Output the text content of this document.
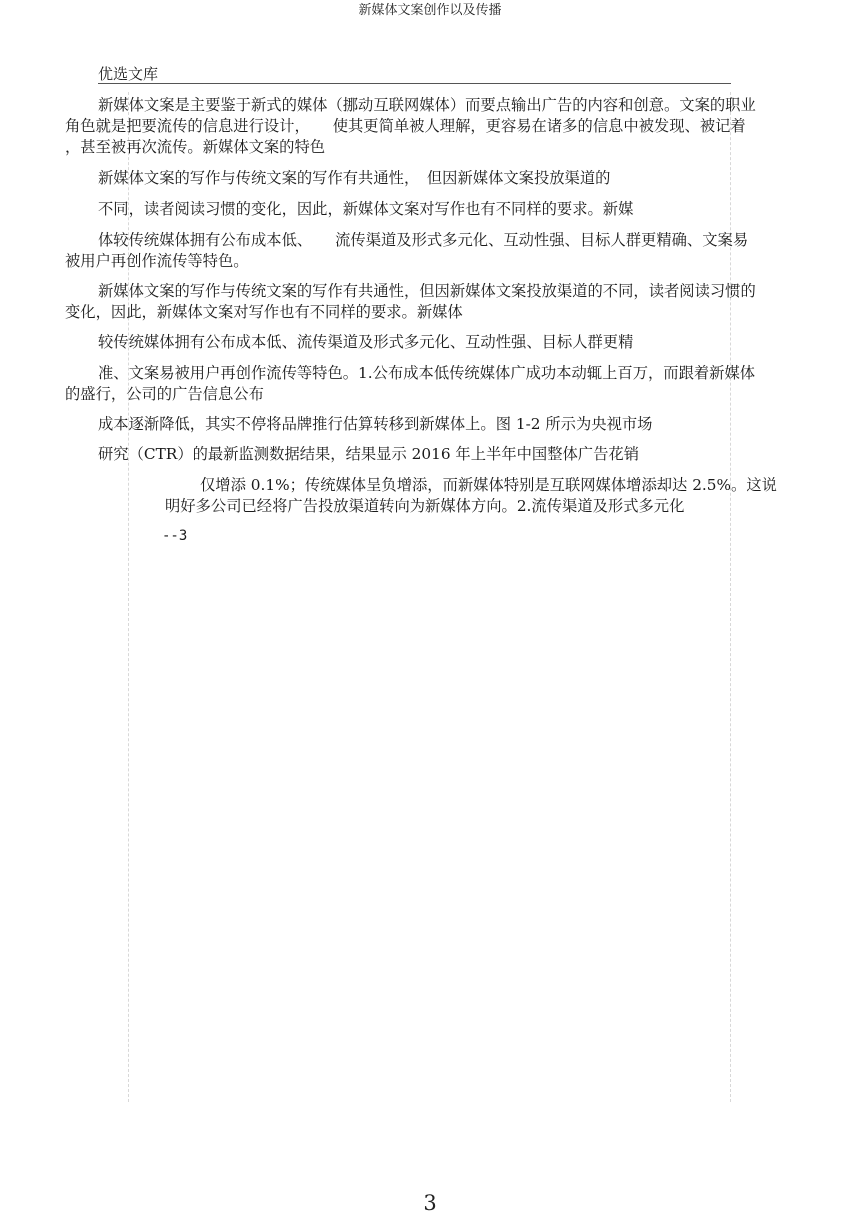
新媒体文案创作以及传播
优选文库

新媒体文案是主要鉴于新式的媒体（挪动互联网媒体）而要点输出广告的内容和创意。文案的职业

角色就是把要流传的信息进行设计，　　使其更简单被人理解，更容易在诸多的信息中被发现、被记着

，甚至被再次流传。新媒体文案的特色

新媒体文案的写作与传统文案的写作有共通性，　但因新媒体文案投放渠道的

不同，读者阅读习惯的变化，因此，新媒体文案对写作也有不同样的要求。新媒

体较传统媒体拥有公布成本低、　　流传渠道及形式多元化、互动性强、目标人群更精确、文案易

被用户再创作流传等特色。

新媒体文案的写作与传统文案的写作有共通性，但因新媒体文案投放渠道的不同，读者阅读习惯的

变化，因此，新媒体文案对写作也有不同样的要求。新媒体

较传统媒体拥有公布成本低、流传渠道及形式多元化、互动性强、目标人群更精

准、文案易被用户再创作流传等特色。1.公布成本低传统媒体广成功本动辄上百万，而跟着新媒体

的盛行，公司的广告信息公布

成本逐渐降低，其实不停将品牌推行估算转移到新媒体上。图 1-2 所示为央视市场

研究（CTR）的最新监测数据结果，结果显示 2016 年上半年中国整体广告花销

仅增添 0.1%；传统媒体呈负增添，而新媒体特别是互联网媒体增添却达 2.5%。这说

明好多公司已经将广告投放渠道转向为新媒体方向。2.流传渠道及形式多元化

--3
3
